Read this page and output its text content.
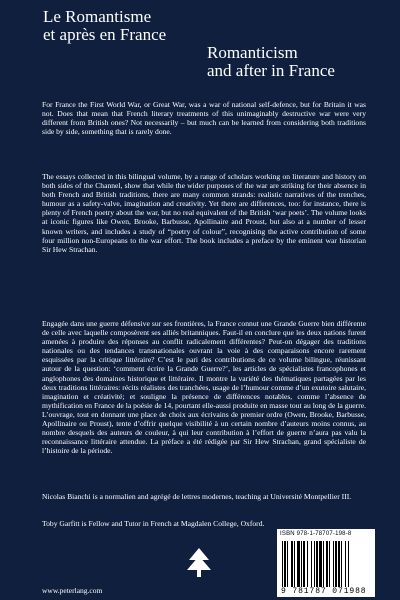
Le Romantisme
et après en France
Romanticism
and after in France

For France the First World War, or Great War, was a war of national self-defence, but for Britain it was not. Does that mean that French literary treatments of this unimaginably destructive war were very different from British ones? Not necessarily – but much can be learned from considering both traditions side by side, something that is rarely done.

The essays collected in this bilingual volume, by a range of scholars working on literature and history on both sides of the Channel, show that while the wider purposes of the war are striking for their absence in both French and British traditions, there are many common strands: realistic narratives of the trenches, humour as a safety-valve, imagination and creativity. Yet there are differences, too: for instance, there is plenty of French poetry about the war, but no real equivalent of the British ‘war poets’. The volume looks at iconic figures like Owen, Brooke, Barbusse, Apollinaire and Proust, but also at a number of lesser known writers, and includes a study of “poetry of colour”, recognising the active contribution of some four million non-Europeans to the war effort. The book includes a preface by the eminent war historian Sir Hew Strachan.

Engagée dans une guerre défensive sur ses frontières, la France connut une Grande Guerre bien différente de celle avec laquelle composèrent ses alliés britanniques. Faut-il en conclure que les deux nations furent amenées à produire des réponses au conflit radicalement différentes? Peut-on dégager des traditions nationales ou des tendances transnationales ouvrant la voie à des comparaisons encore rarement esquissées par la critique littéraire? C’est le pari des contributions de ce volume bilingue, réunissant autour de la question: ‘comment écrire la Grande Guerre?’, les articles de spécialistes francophones et anglophones des domaines historique et littéraire. Il montre la variété des thématiques partagées par les deux traditions littéraires: récits réalistes des tranchées, usage de l’humour comme d’un exutoire salutaire, imagination et créativité; et souligne la présence de différences notables, comme l’absence de mythification en France de la poésie de 14, pourtant elle-aussi produite en masse tout au long de la guerre. L’ouvrage, tout en donnant une place de choix aux écrivains de premier ordre (Owen, Brooke, Barbusse, Apollinaire ou Proust), tente d’offrir quelque visibilité à un certain nombre d’auteurs moins connus, au nombre desquels des auteurs de couleur, à qui leur contribution à l’effort de guerre n’aura pas valu la reconnaissance littéraire attendue. La préface a été rédigée par Sir Hew Strachan, grand spécialiste de l’histoire de la période.

Nicolas Bianchi is a normalien and agrégé de lettres modernes, teaching at Université Montpellier III.

Toby Garfitt is Fellow and Tutor in French at Magdalen College, Oxford.

www.peterlang.com
ISBN 978-1-78707-198-8
9 781787 071988
